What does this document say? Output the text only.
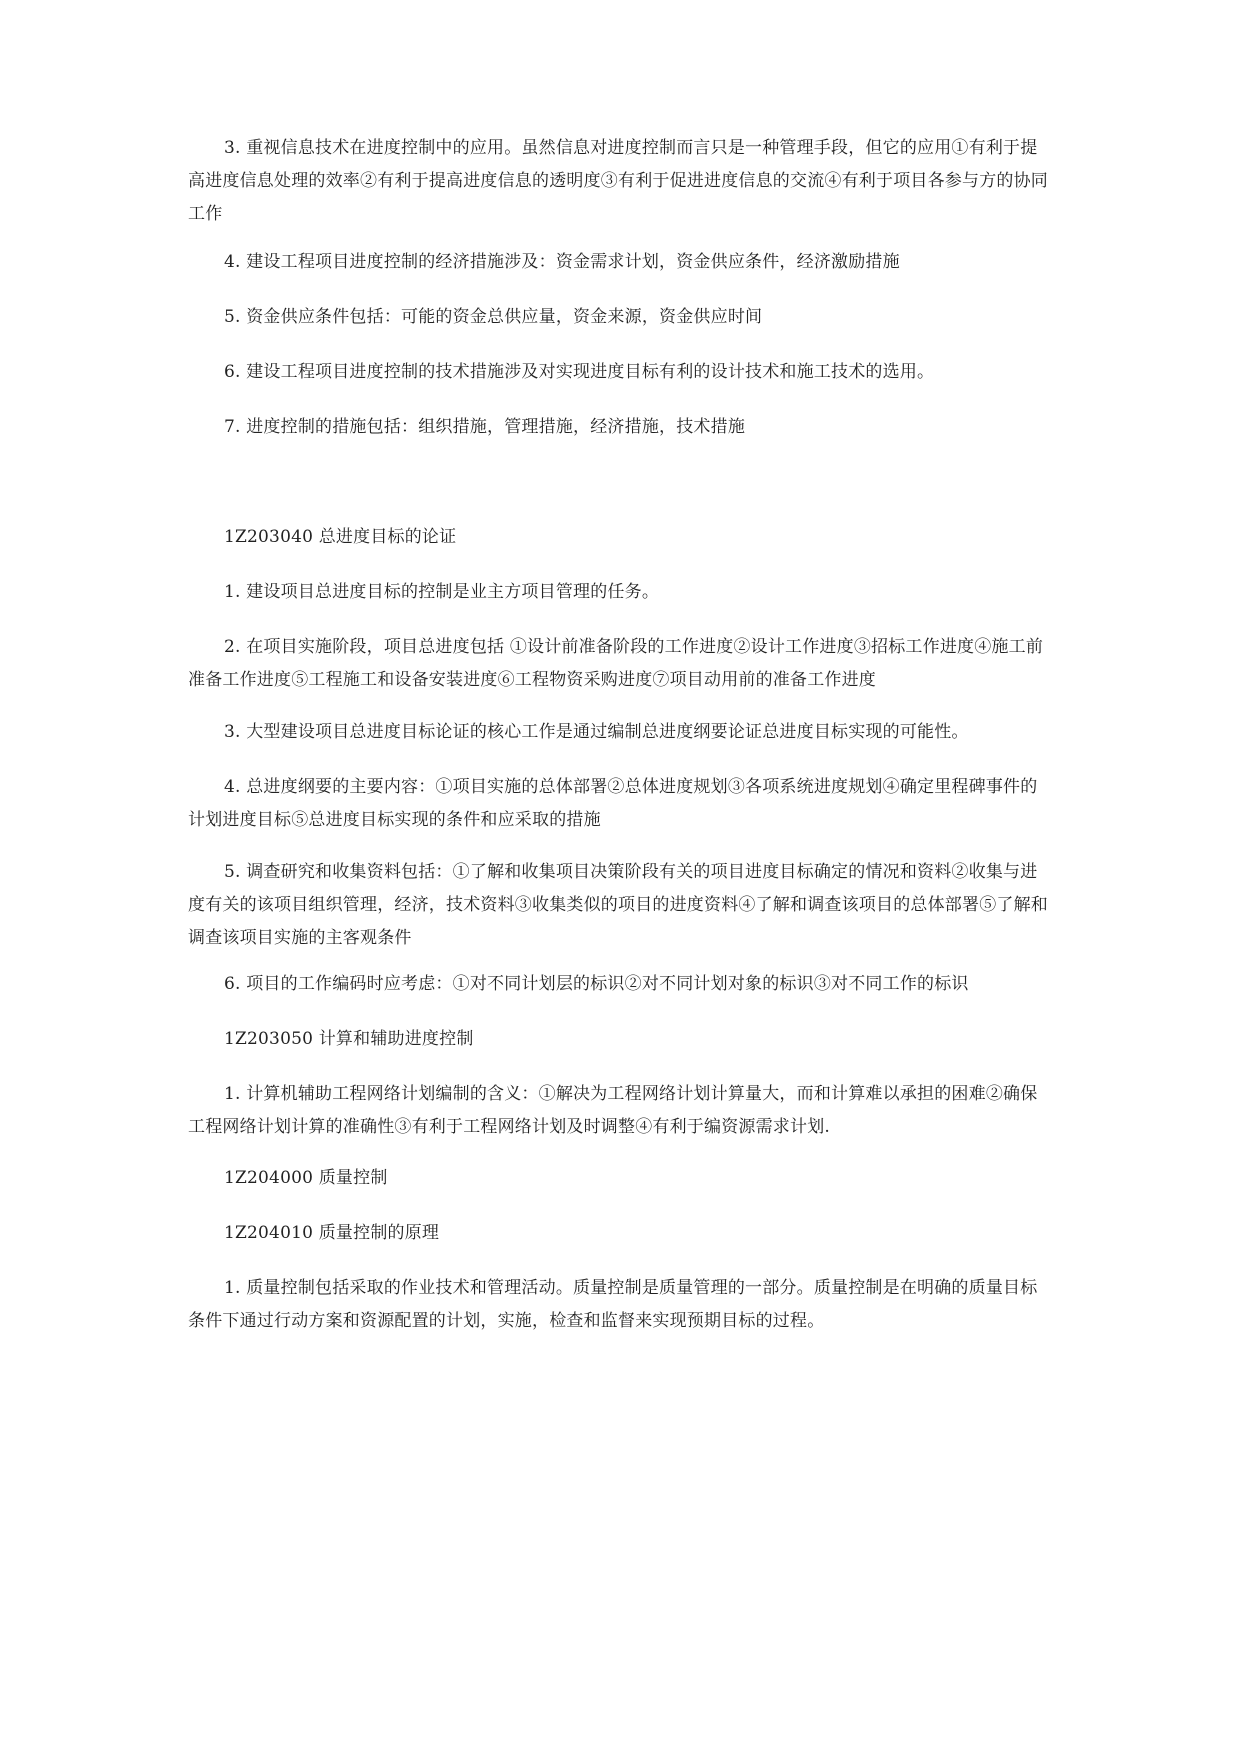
3. 重视信息技术在进度控制中的应用。虽然信息对进度控制而言只是一种管理手段，但它的应用①有利于提高进度信息处理的效率②有利于提高进度信息的透明度③有利于促进进度信息的交流④有利于项目各参与方的协同工作

4. 建设工程项目进度控制的经济措施涉及：资金需求计划，资金供应条件，经济激励措施

5. 资金供应条件包括：可能的资金总供应量，资金来源，资金供应时间

6. 建设工程项目进度控制的技术措施涉及对实现进度目标有利的设计技术和施工技术的选用。

7. 进度控制的措施包括：组织措施，管理措施，经济措施，技术措施

1Z203040 总进度目标的论证

1. 建设项目总进度目标的控制是业主方项目管理的任务。

2. 在项目实施阶段，项目总进度包括 ①设计前准备阶段的工作进度②设计工作进度③招标工作进度④施工前准备工作进度⑤工程施工和设备安装进度⑥工程物资采购进度⑦项目动用前的准备工作进度

3. 大型建设项目总进度目标论证的核心工作是通过编制总进度纲要论证总进度目标实现的可能性。

4. 总进度纲要的主要内容：①项目实施的总体部署②总体进度规划③各项系统进度规划④确定里程碑事件的计划进度目标⑤总进度目标实现的条件和应采取的措施

5. 调查研究和收集资料包括：①了解和收集项目决策阶段有关的项目进度目标确定的情况和资料②收集与进度有关的该项目组织管理，经济，技术资料③收集类似的项目的进度资料④了解和调查该项目的总体部署⑤了解和调查该项目实施的主客观条件

6. 项目的工作编码时应考虑：①对不同计划层的标识②对不同计划对象的标识③对不同工作的标识

1Z203050 计算和辅助进度控制

1. 计算机辅助工程网络计划编制的含义：①解决为工程网络计划计算量大，而和计算难以承担的困难②确保工程网络计划计算的准确性③有利于工程网络计划及时调整④有利于编资源需求计划.

1Z204000 质量控制

1Z204010 质量控制的原理

1. 质量控制包括采取的作业技术和管理活动。质量控制是质量管理的一部分。质量控制是在明确的质量目标条件下通过行动方案和资源配置的计划，实施，检查和监督来实现预期目标的过程。
